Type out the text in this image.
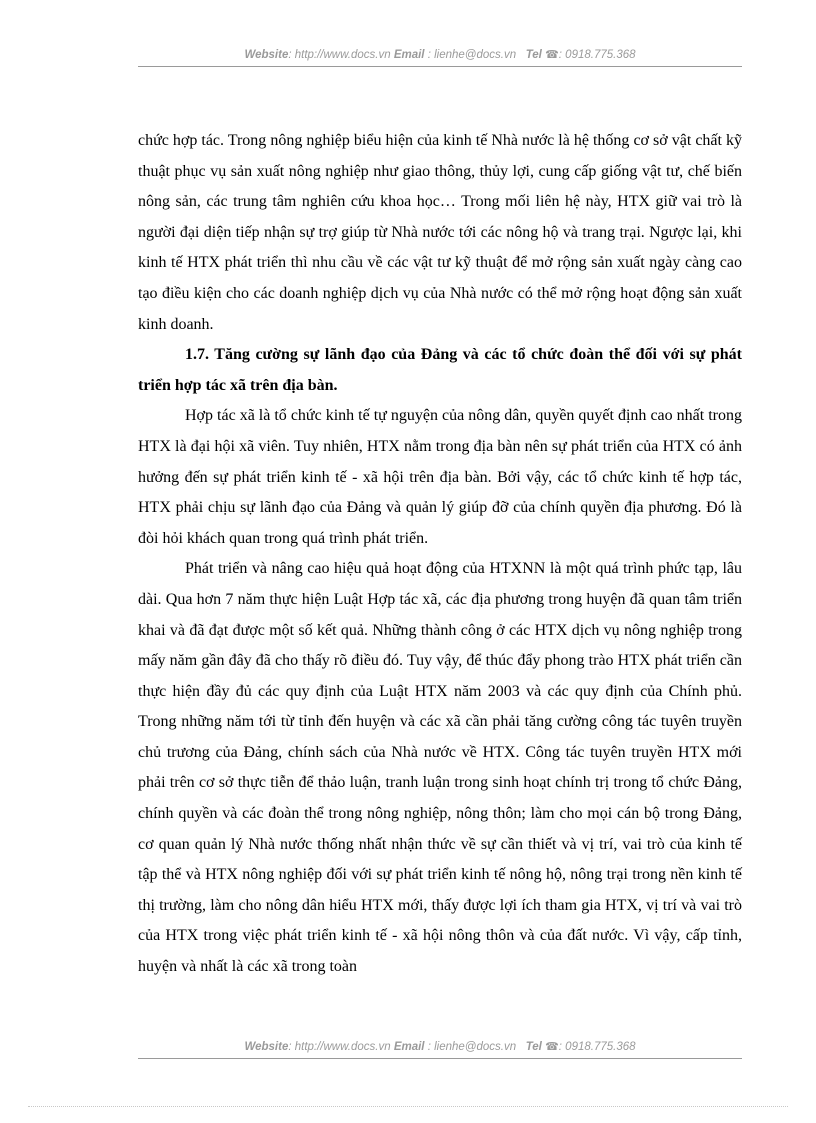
Website: http://www.docs.vn Email : lienhe@docs.vn Tel ☎: 0918.775.368

chức hợp tác. Trong nông nghiệp biểu hiện của kinh tế Nhà nước là hệ thống cơ sở vật chất kỹ thuật phục vụ sản xuất nông nghiệp như giao thông, thủy lợi, cung cấp giống vật tư, chế biến nông sản, các trung tâm nghiên cứu khoa học… Trong mối liên hệ này, HTX giữ vai trò là người đại diện tiếp nhận sự trợ giúp từ Nhà nước tới các nông hộ và trang trại. Ngược lại, khi kinh tế HTX phát triển thì nhu cầu về các vật tư kỹ thuật để mở rộng sản xuất ngày càng cao tạo điều kiện cho các doanh nghiệp dịch vụ của Nhà nước có thể mở rộng hoạt động sản xuất kinh doanh.

1.7. Tăng cường sự lãnh đạo của Đảng và các tổ chức đoàn thể đối với sự phát triển hợp tác xã trên địa bàn.

Hợp tác xã là tổ chức kinh tế tự nguyện của nông dân, quyền quyết định cao nhất trong HTX là đại hội xã viên. Tuy nhiên, HTX nằm trong địa bàn nên sự phát triển của HTX có ảnh hưởng đến sự phát triển kinh tế - xã hội trên địa bàn. Bởi vậy, các tổ chức kinh tế hợp tác, HTX phải chịu sự lãnh đạo của Đảng và quản lý giúp đỡ của chính quyền địa phương. Đó là đòi hỏi khách quan trong quá trình phát triển.

Phát triển và nâng cao hiệu quả hoạt động của HTXNN là một quá trình phức tạp, lâu dài. Qua hơn 7 năm thực hiện Luật Hợp tác xã, các địa phương trong huyện đã quan tâm triển khai và đã đạt được một số kết quả. Những thành công ở các HTX dịch vụ nông nghiệp trong mấy năm gần đây đã cho thấy rõ điều đó. Tuy vậy, để thúc đẩy phong trào HTX phát triển cần thực hiện đầy đủ các quy định của Luật HTX năm 2003 và các quy định của Chính phủ. Trong những năm tới từ tỉnh đến huyện và các xã cần phải tăng cường công tác tuyên truyền chủ trương của Đảng, chính sách của Nhà nước về HTX. Công tác tuyên truyền HTX mới phải trên cơ sở thực tiễn để thảo luận, tranh luận trong sinh hoạt chính trị trong tổ chức Đảng, chính quyền và các đoàn thể trong nông nghiệp, nông thôn; làm cho mọi cán bộ trong Đảng, cơ quan quản lý Nhà nước thống nhất nhận thức về sự cần thiết và vị trí, vai trò của kinh tế tập thể và HTX nông nghiệp đối với sự phát triển kinh tế nông hộ, nông trại trong nền kinh tế thị trường, làm cho nông dân hiểu HTX mới, thấy được lợi ích tham gia HTX, vị trí và vai trò của HTX trong việc phát triển kinh tế - xã hội nông thôn và của đất nước. Vì vậy, cấp tỉnh, huyện và nhất là các xã trong toàn

Website: http://www.docs.vn Email : lienhe@docs.vn Tel ☎: 0918.775.368
